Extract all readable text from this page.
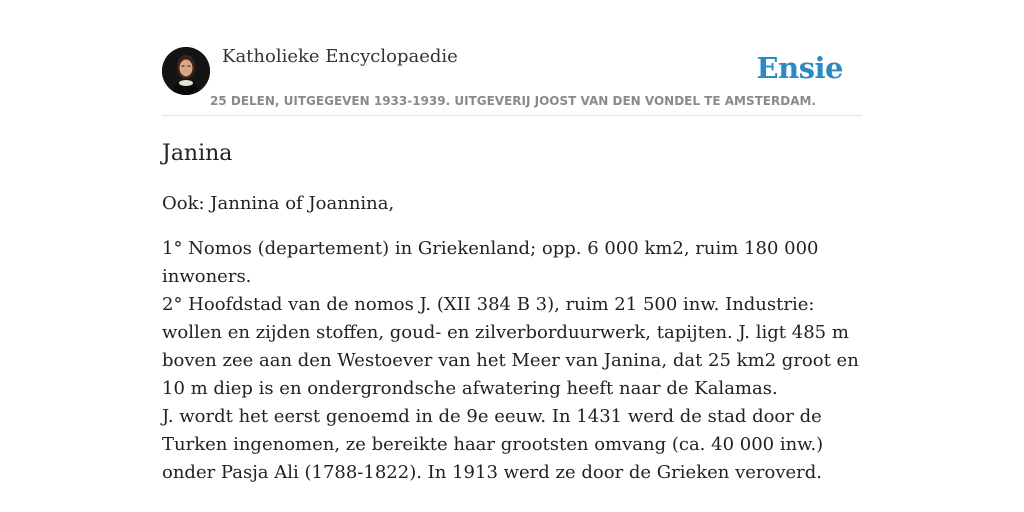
Katholieke Encyclopaedie	Ensie
25 DELEN, UITGEGEVEN 1933-1939. UITGEVERIJ JOOST VAN DEN VONDEL TE AMSTERDAM.
Janina

Ook: Jannina of Joannina,

1° Nomos (departement) in Griekenland; opp. 6 000 km2, ruim 180 000 inwoners.
2° Hoofdstad van de nomos J. (XII 384 B 3), ruim 21 500 inw. Industrie: wollen en zijden stoffen, goud- en zilverborduurwerk, tapijten. J. ligt 485 m boven zee aan den Westoever van het Meer van Janina, dat 25 km2 groot en 10 m diep is en ondergrondsche afwatering heeft naar de Kalamas.
J. wordt het eerst genoemd in de 9e eeuw. In 1431 werd de stad door de Turken ingenomen, ze bereikte haar grootsten omvang (ca. 40 000 inw.) onder Pasja Ali (1788-1822). In 1913 werd ze door de Grieken veroverd.
